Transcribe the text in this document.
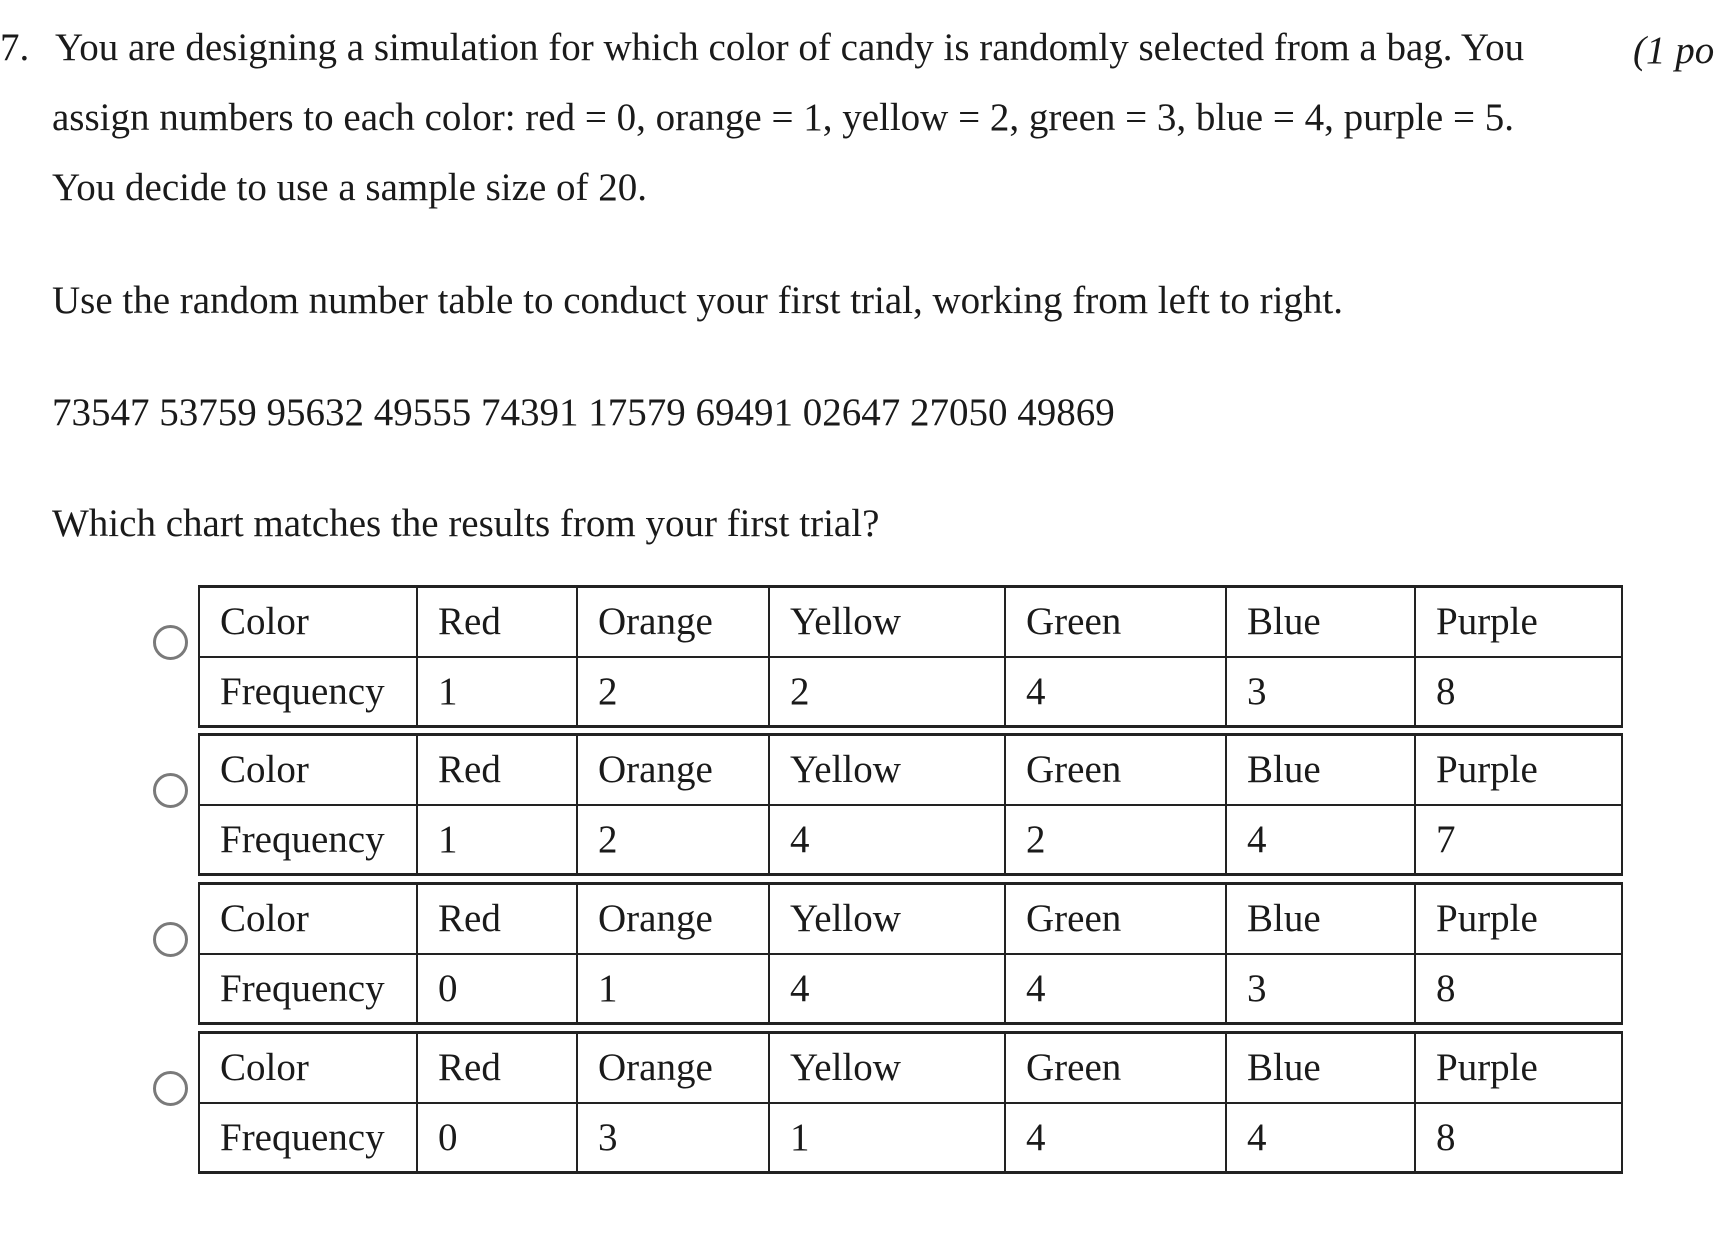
7. You are designing a simulation for which color of candy is randomly selected from a bag. You	(1 po
assign numbers to each color: red = 0, orange = 1, yellow = 2, green = 3, blue = 4, purple = 5.
You decide to use a sample size of 20.
Use the random number table to conduct your first trial, working from left to right.
73547 53759 95632 49555 74391 17579 69491 02647 27050 49869
Which chart matches the results from your first trial?
Color	Red	Orange	Yellow	Green	Blue	Purple
Frequency	1	2	2	4	3	8
Color	Red	Orange	Yellow	Green	Blue	Purple
Frequency	1	2	4	2	4	7
Color	Red	Orange	Yellow	Green	Blue	Purple
Frequency	0	1	4	4	3	8
Color	Red	Orange	Yellow	Green	Blue	Purple
Frequency	0	3	1	4	4	8
